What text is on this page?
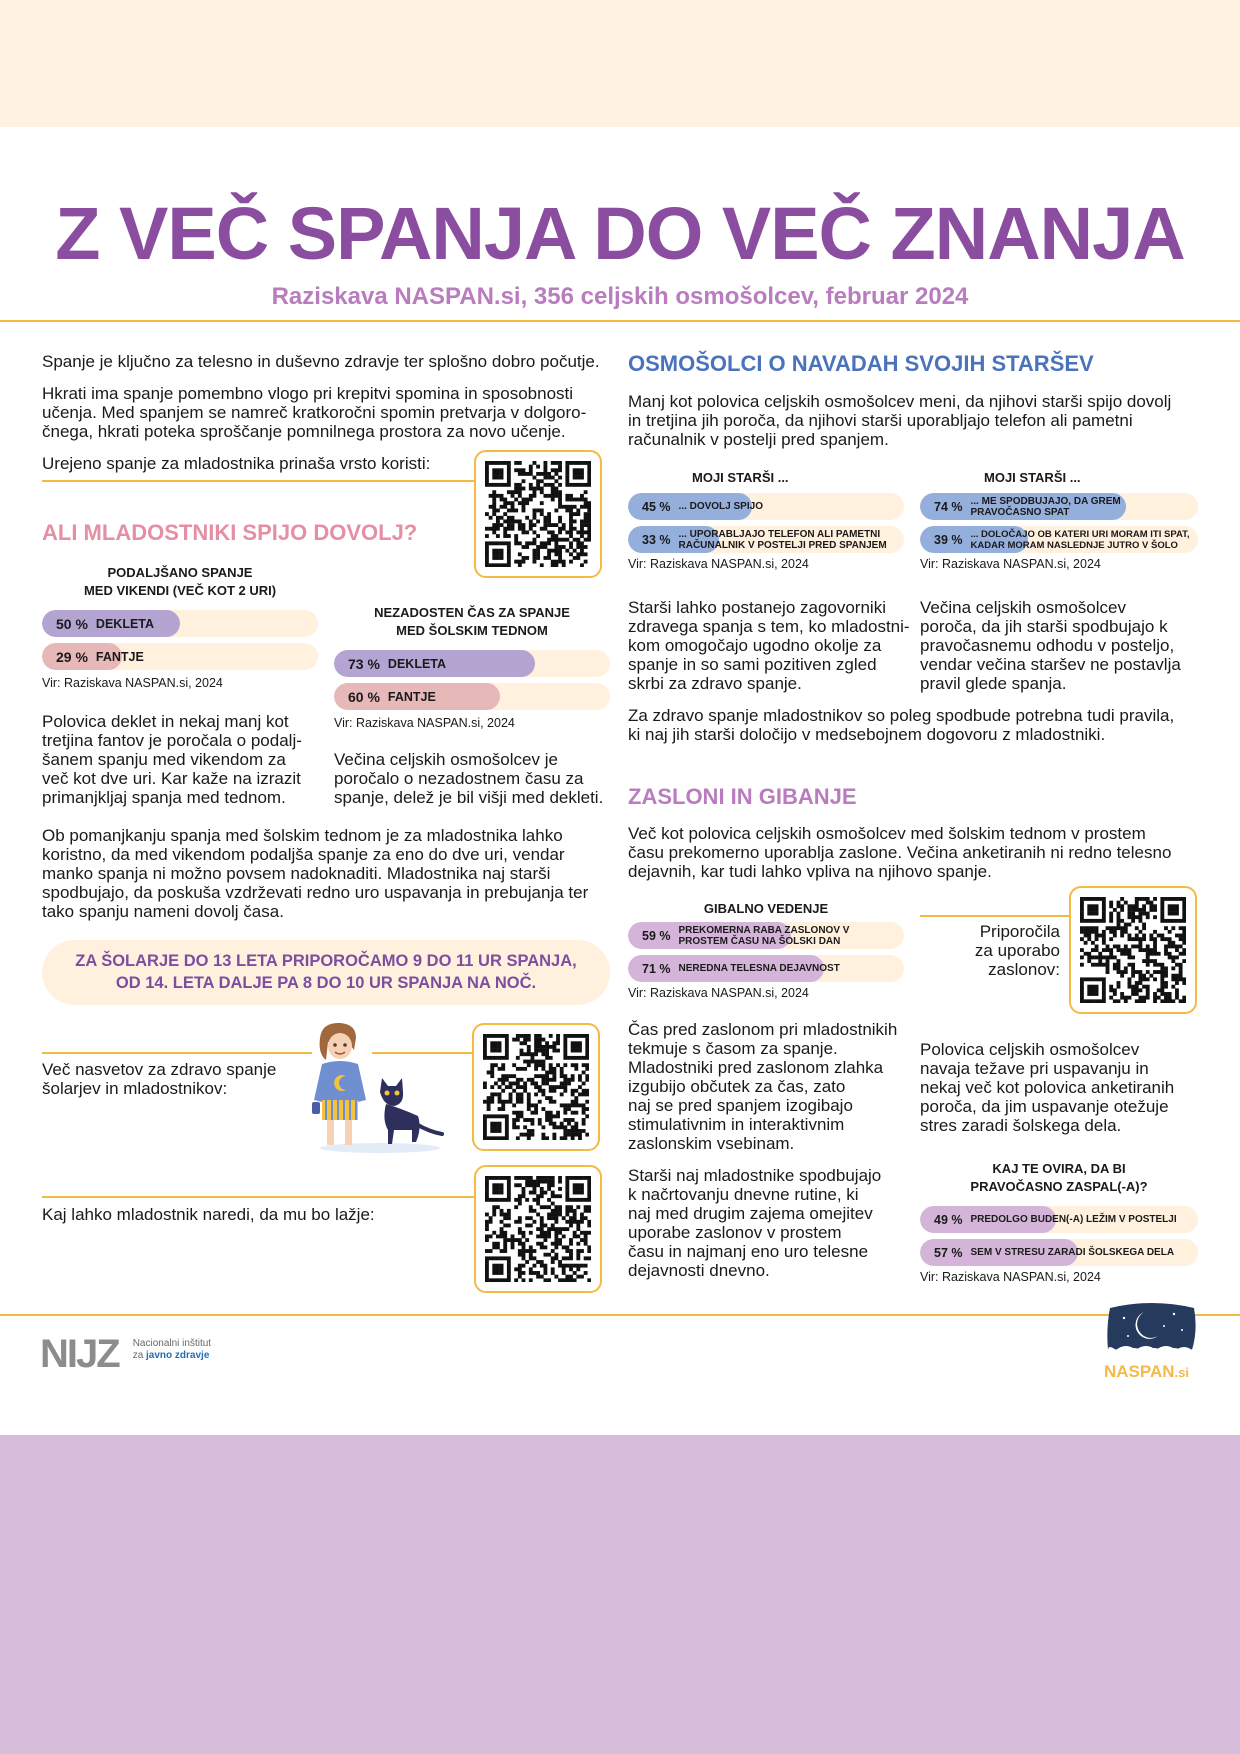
Z VEČ SPANJA DO VEČ ZNANJA
Raziskava NASPAN.si, 356 celjskih osmošolcev, februar 2024
Spanje je ključno za telesno in duševno zdravje ter splošno dobro počutje.
Hkrati ima spanje pomembno vlogo pri krepitvi spomina in sposobnosti
učenja. Med spanjem se namreč kratkoročni spomin pretvarja v dolgoro-
čnega, hkrati poteka sproščanje pomnilnega prostora za novo učenje.
Urejeno spanje za mladostnika prinaša vrsto koristi:
ALI MLADOSTNIKI SPIJO DOVOLJ?
PODALJŠANO SPANJE
MED VIKENDI (VEČ KOT 2 URI)
50 % DEKLETA
29 % FANTJE
Vir: Raziskava NASPAN.si, 2024
NEZADOSTEN ČAS ZA SPANJE
MED ŠOLSKIM TEDNOM
73 % DEKLETA
60 % FANTJE
Vir: Raziskava NASPAN.si, 2024
Polovica deklet in nekaj manj kot
tretjina fantov je poročala o podalj-
šanem spanju med vikendom za
več kot dve uri. Kar kaže na izrazit
primanjkljaj spanja med tednom.
Večina celjskih osmošolcev je
poročalo o nezadostnem času za
spanje, delež je bil višji med dekleti.
Ob pomanjkanju spanja med šolskim tednom je za mladostnika lahko
koristno, da med vikendom podaljša spanje za eno do dve uri, vendar
manko spanja ni možno povsem nadoknaditi. Mladostnika naj starši
spodbujajo, da poskuša vzdrževati redno uro uspavanja in prebujanja ter
tako spanju nameni dovolj časa.
ZA ŠOLARJE DO 13 LETA PRIPOROČAMO 9 DO 11 UR SPANJA,
OD 14. LETA DALJE PA 8 DO 10 UR SPANJA NA NOČ.
Več nasvetov za zdravo spanje
šolarjev in mladostnikov:
Kaj lahko mladostnik naredi, da mu bo lažje:
OSMOŠOLCI O NAVADAH SVOJIH STARŠEV
Manj kot polovica celjskih osmošolcev meni, da njihovi starši spijo dovolj
in tretjina jih poroča, da njihovi starši uporabljajo telefon ali pametni
računalnik v postelji pred spanjem.
MOJI STARŠI ...
45 % ... DOVOLJ SPIJO
33 % ... UPORABLJAJO TELEFON ALI PAMETNI
RAČUNALNIK V POSTELJI PRED SPANJEM
Vir: Raziskava NASPAN.si, 2024
MOJI STARŠI ...
74 % ... ME SPODBUJAJO, DA GREM
PRAVOČASNO SPAT
39 % ... DOLOČAJO OB KATERI URI MORAM ITI SPAT,
KADAR MORAM NASLEDNJE JUTRO V ŠOLO
Vir: Raziskava NASPAN.si, 2024
Starši lahko postanejo zagovorniki
zdravega spanja s tem, ko mladostni-
kom omogočajo ugodno okolje za
spanje in so sami pozitiven zgled
skrbi za zdravo spanje.
Večina celjskih osmošolcev
poroča, da jih starši spodbujajo k
pravočasnemu odhodu v posteljo,
vendar večina staršev ne postavlja
pravil glede spanja.
Za zdravo spanje mladostnikov so poleg spodbude potrebna tudi pravila,
ki naj jih starši določijo v medsebojnem dogovoru z mladostniki.
ZASLONI IN GIBANJE
Več kot polovica celjskih osmošolcev med šolskim tednom v prostem
času prekomerno uporablja zaslone. Večina anketiranih ni redno telesno
dejavnih, kar tudi lahko vpliva na njihovo spanje.
GIBALNO VEDENJE
59 % PREKOMERNA RABA ZASLONOV V
PROSTEM ČASU NA ŠOLSKI DAN
71 % NEREDNA TELESNA DEJAVNOST
Vir: Raziskava NASPAN.si, 2024
Priporočila
za uporabo
zaslonov:
Čas pred zaslonom pri mladostnikih
tekmuje s časom za spanje.
Mladostniki pred zaslonom zlahka
izgubijo občutek za čas, zato
naj se pred spanjem izogibajo
stimulativnim in interaktivnim
zaslonskim vsebinam.
Starši naj mladostnike spodbujajo
k načrtovanju dnevne rutine, ki
naj med drugim zajema omejitev
uporabe zaslonov v prostem
času in najmanj eno uro telesne
dejavnosti dnevno.
Polovica celjskih osmošolcev
navaja težave pri uspavanju in
nekaj več kot polovica anketiranih
poroča, da jim uspavanje otežuje
stres zaradi šolskega dela.
KAJ TE OVIRA, DA BI
PRAVOČASNO ZASPAL(-A)?
49 % PREDOLGO BUDEN(-A) LEŽIM V POSTELJI
57 % SEM V STRESU ZARADI ŠOLSKEGA DELA
Vir: Raziskava NASPAN.si, 2024
NIJZ Nacionalni inštitut
za javno zdravje
NASPAN.si
